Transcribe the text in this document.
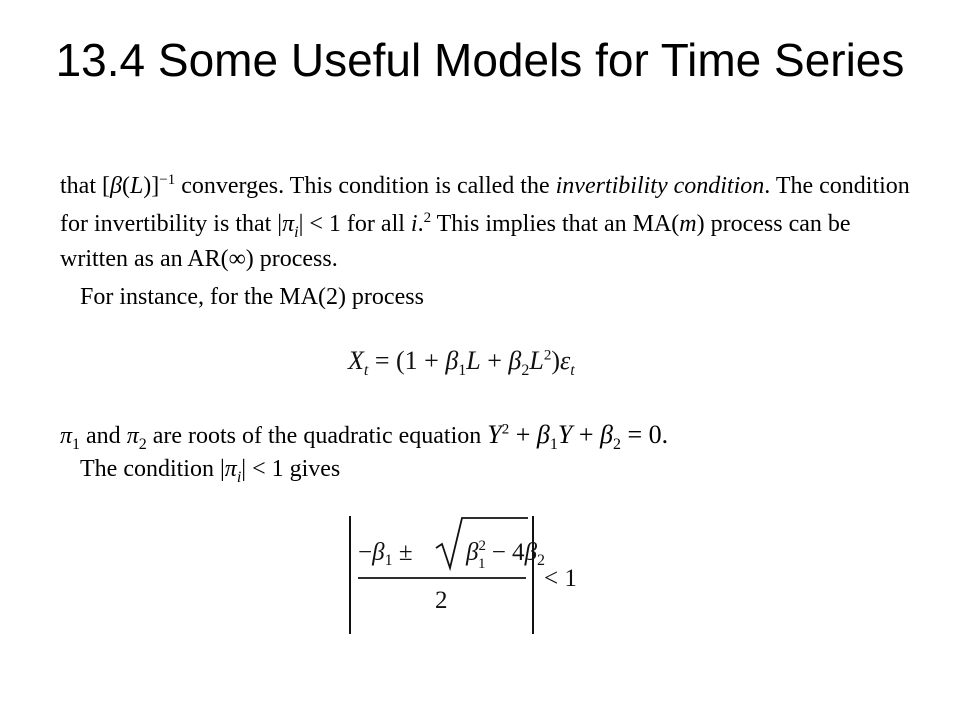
13.4 Some Useful Models for Time Series
that $[\beta(L)]^{-1}$ converges. This condition is called the invertibility condition. The condition
for invertibility is that $|\pi_i| < 1$ for all i.$^2$ This implies that an MA(m) process can be
written as an AR(∞) process.
For instance, for the MA(2) process
$X_t = (1 + \beta_1L + \beta_2L^2)\varepsilon_t$
$\pi_1$ and $\pi_2$ are roots of the quadratic equation $Y^2 + \beta_1Y + \beta_2 = 0$.
The condition $|\pi_i| < 1$ gives
$-\beta_1 \pm \beta^2$ $1 - 4\beta_2$
2
< 1
